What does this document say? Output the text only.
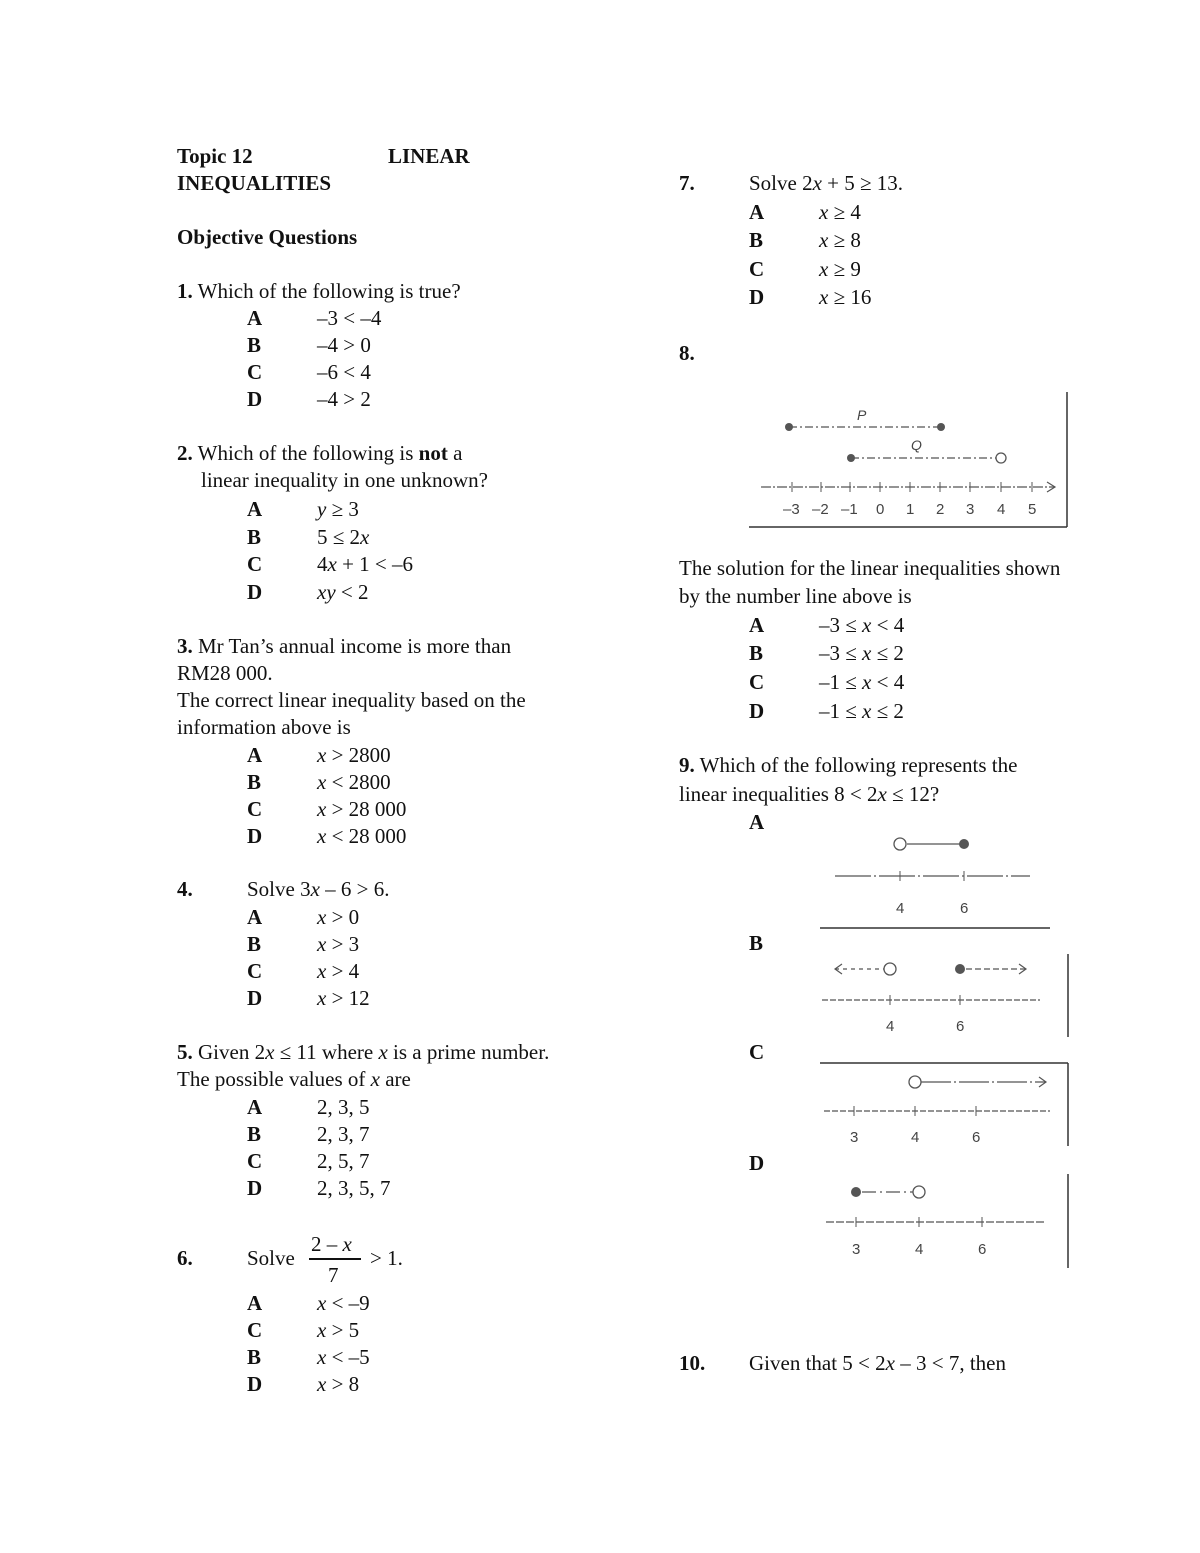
Topic 12	LINEAR
INEQUALITIES
Objective Questions
1. Which of the following is true?
A	–3 < –4
B	–4 > 0
C	–6 < 4
D	–4 > 2
2. Which of the following is not a
linear inequality in one unknown?
A	y ≥ 3
B	5 ≤ 2x
C	4x + 1 < –6
D	xy < 2
3. Mr Tan’s annual income is more than
RM28 000.
The correct linear inequality based on the
information above is
A	x > 2800
B	x < 2800
C	x > 28 000
D	x < 28 000
4.	Solve 3x – 6 > 6.
A	x > 0
B	x > 3
C	x > 4
D	x > 12
5. Given 2x ≤ 11 where x is a prime number.
The possible values of x are
A	2, 3, 5
B	2, 3, 7
C	2, 5, 7
D	2, 3, 5, 7
6.	Solve
2 – x
7
> 1.
A	x < –9
C	x > 5
B	x < –5
D	x > 8
7.	Solve 2x + 5 ≥ 13.
A	x ≥ 4
B	x ≥ 8
C	x ≥ 9
D	x ≥ 16
8.
P
Q
–3 –2 –1 0 1 2 3 4 5
The solution for the linear inequalities shown
by the number line above is
A	–3 ≤ x < 4
B	–3 ≤ x ≤ 2
C	–1 ≤ x < 4
D	–1 ≤ x ≤ 2
9. Which of the following represents the
linear inequalities 8 < 2x ≤ 12?
A
4	6
B
4	6
C
3	4	6
D
3	4	6
10. Given that 5 < 2x – 3 < 7, then
